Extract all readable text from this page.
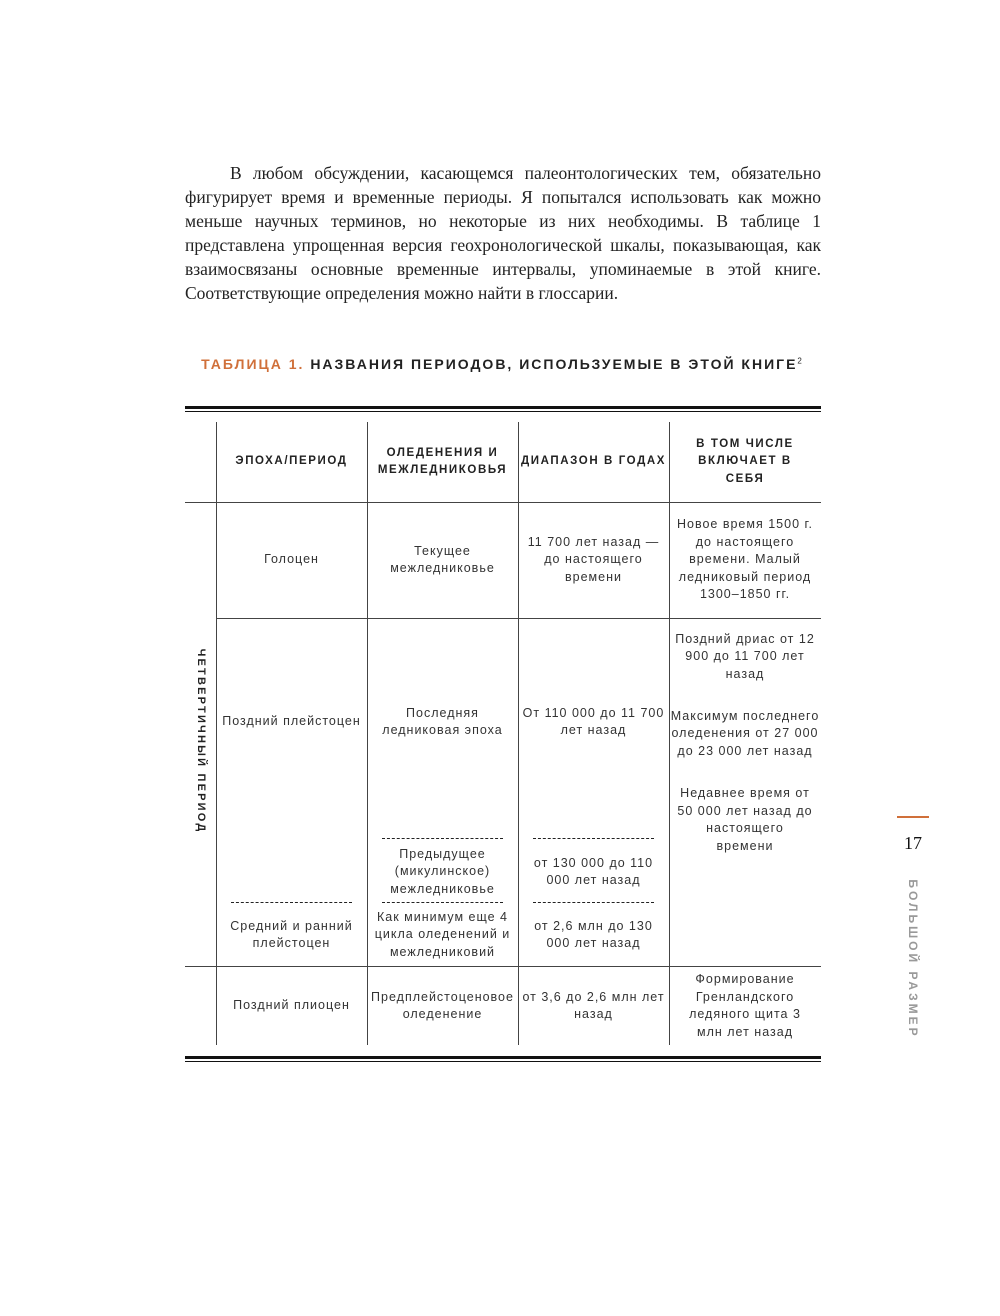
В любом обсуждении, касающемся палеонтологических тем, обязательно фигурирует время и временные периоды. Я попытался использовать как можно меньше научных терминов, но некоторые из них необходимы. В таблице 1 представлена упрощенная версия геохронологической шкалы, показывающая, как взаимосвязаны основные временные интервалы, упоминаемые в этой книге. Соответствующие определения можно найти в глоссарии.

ТАБЛИЦА 1. НАЗВАНИЯ ПЕРИОДОВ, ИСПОЛЬЗУЕМЫЕ В ЭТОЙ КНИГЕ$^2$
ЭПОХА/ПЕРИОД
ОЛЕДЕНЕНИЯ И МЕЖЛЕДНИКОВЬЯ
ДИАПАЗОН В ГОДАХ
В ТОМ ЧИСЛЕ ВКЛЮЧАЕТ В СЕБЯ
ЧЕТВЕРТИЧНЫЙ ПЕРИОД
Голоцен
Текущее межледниковье
11 700 лет назад — до настоящего времени
Новое время 1500 г. до настоящего времени. Малый ледниковый период 1300–1850 гг.
Поздний плейстоцен
Последняя ледниковая эпоха
От 110 000 до 11 700 лет назад
Поздний дриас от 12 900 до 11 700 лет назад
Максимум последнего оледенения от 27 000 до 23 000 лет назад
Недавнее время от 50 000 лет назад до настоящего времени
Предыдущее (микулинское) межледниковье
от 130 000 до 110 000 лет назад
Средний и ранний плейстоцен
Как минимум еще 4 цикла оледенений и межледниковий
от 2,6 млн до 130 000 лет назад
Поздний плиоцен
Предплейстоценовое оледенение
от 3,6 до 2,6 млн лет назад
Формирование Гренландского ледяного щита 3 млн лет назад
17
БОЛЬШОЙ РАЗМЕР
